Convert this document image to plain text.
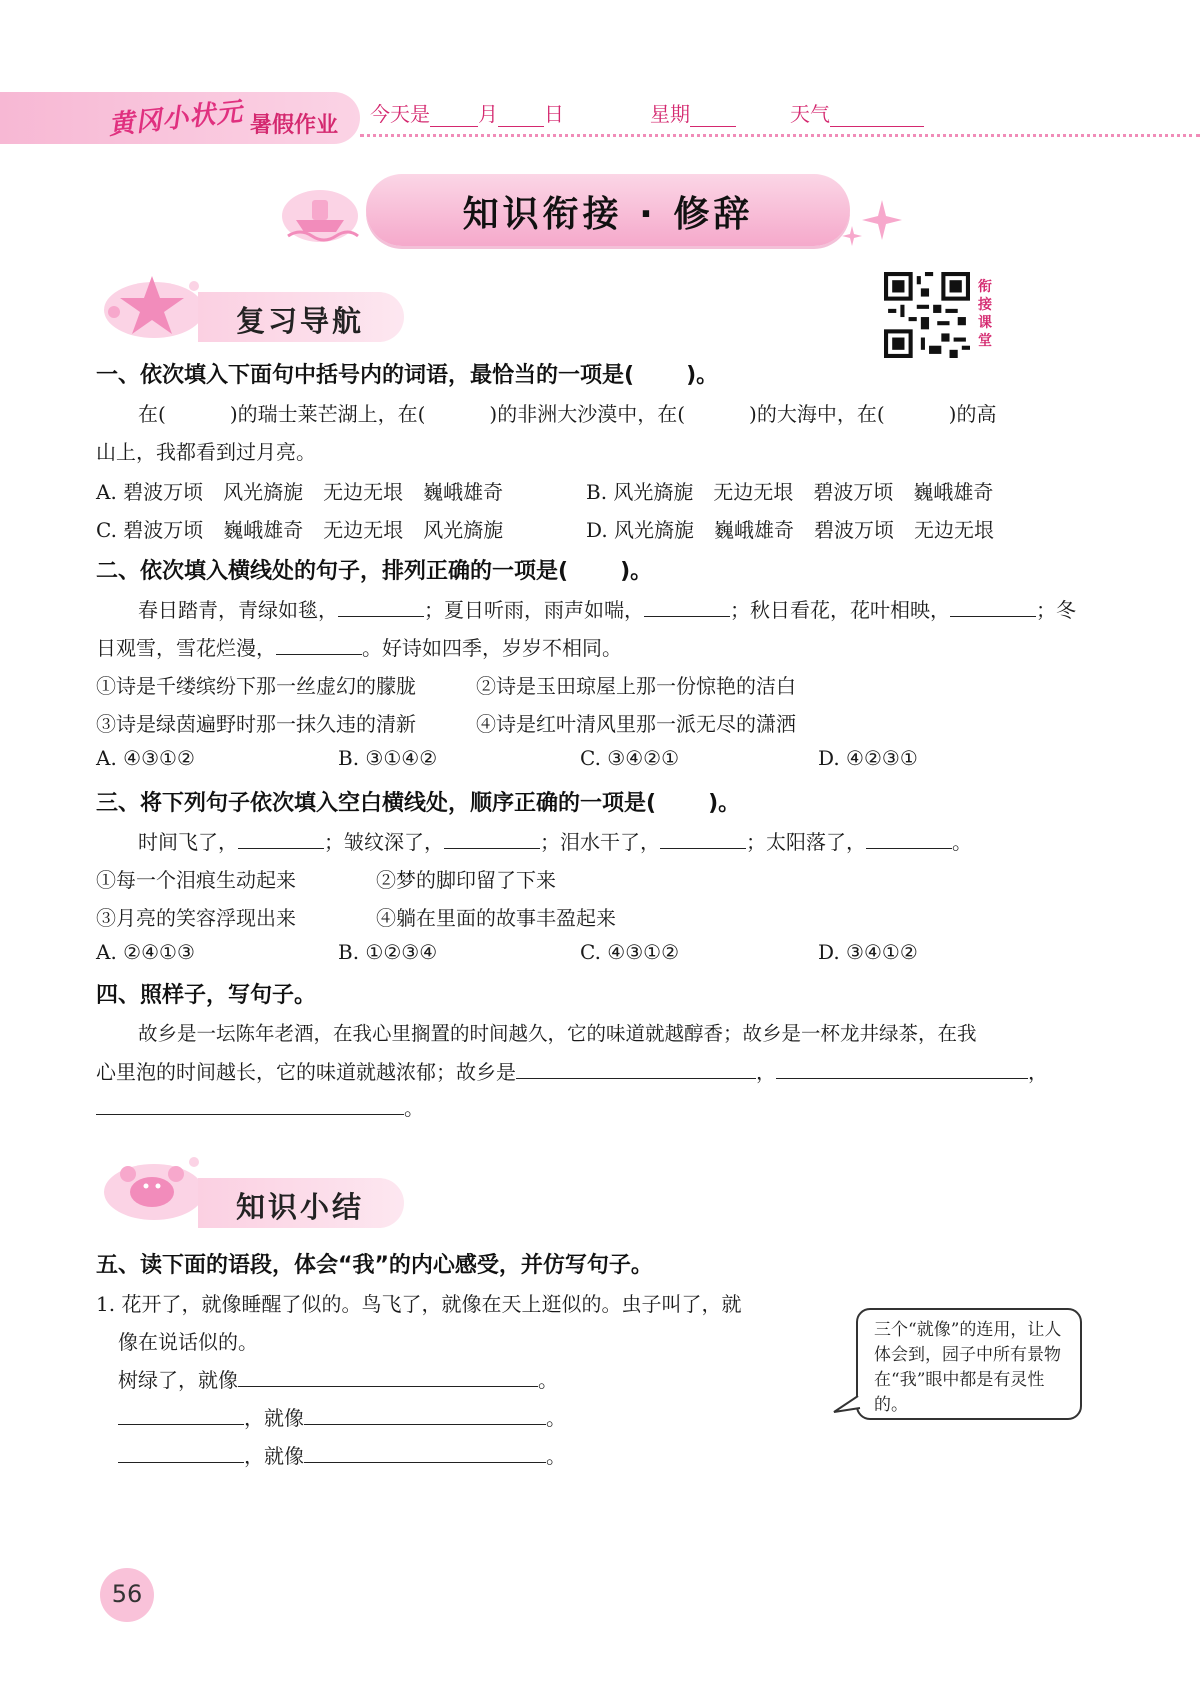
黄冈小状元 暑假作业 今天是 月 日	星期	天气
知识衔接 · 修辞
衔接课堂
复习导航
一、依次填入下面句中括号内的词语，最恰当的一项是( )。
在(	)的瑞士莱芒湖上，在(	)的非洲大沙漠中，在(	)的大海中，在(	)的高
山上，我都看到过月亮。
A. 碧波万顷　风光旖旎　无边无垠　巍峨雄奇	B. 风光旖旎　无边无垠　碧波万顷　巍峨雄奇
C. 碧波万顷　巍峨雄奇　无边无垠　风光旖旎	D. 风光旖旎　巍峨雄奇　碧波万顷　无边无垠
二、依次填入横线处的句子，排列正确的一项是( )。
春日踏青，青绿如毯，	；夏日听雨，雨声如喘，	；秋日看花，花叶相映，	；冬
日观雪，雪花烂漫，	。好诗如四季，岁岁不相同。
①诗是千缕缤纷下那一丝虚幻的朦胧	②诗是玉田琼屋上那一份惊艳的洁白
③诗是绿茵遍野时那一抹久违的清新	④诗是红叶清风里那一派无尽的潇洒
A. ④③①②	B. ③①④②	C. ③④②①	D. ④②③①
三、将下列句子依次填入空白横线处，顺序正确的一项是( )。
时间飞了，	；皱纹深了，	；泪水干了，	；太阳落了，	。
①每一个泪痕生动起来	②梦的脚印留了下来
③月亮的笑容浮现出来	④躺在里面的故事丰盈起来
A. ②④①③	B. ①②③④	C. ④③①②	D. ③④①②
四、照样子，写句子。
故乡是一坛陈年老酒，在我心里搁置的时间越久，它的味道就越醇香；故乡是一杯龙井绿茶，在我
心里泡的时间越长，它的味道就越浓郁；故乡是	，	，
。
知识小结
五、读下面的语段，体会“我”的内心感受，并仿写句子。
1. 花开了，就像睡醒了似的。鸟飞了，就像在天上逛似的。虫子叫了，就
像在说话似的。
树绿了，就像	。
，就像	。
，就像	。
三个“就像”的连用，让人体会到，园子中所有景物在“我”眼中都是有灵性的。
56
